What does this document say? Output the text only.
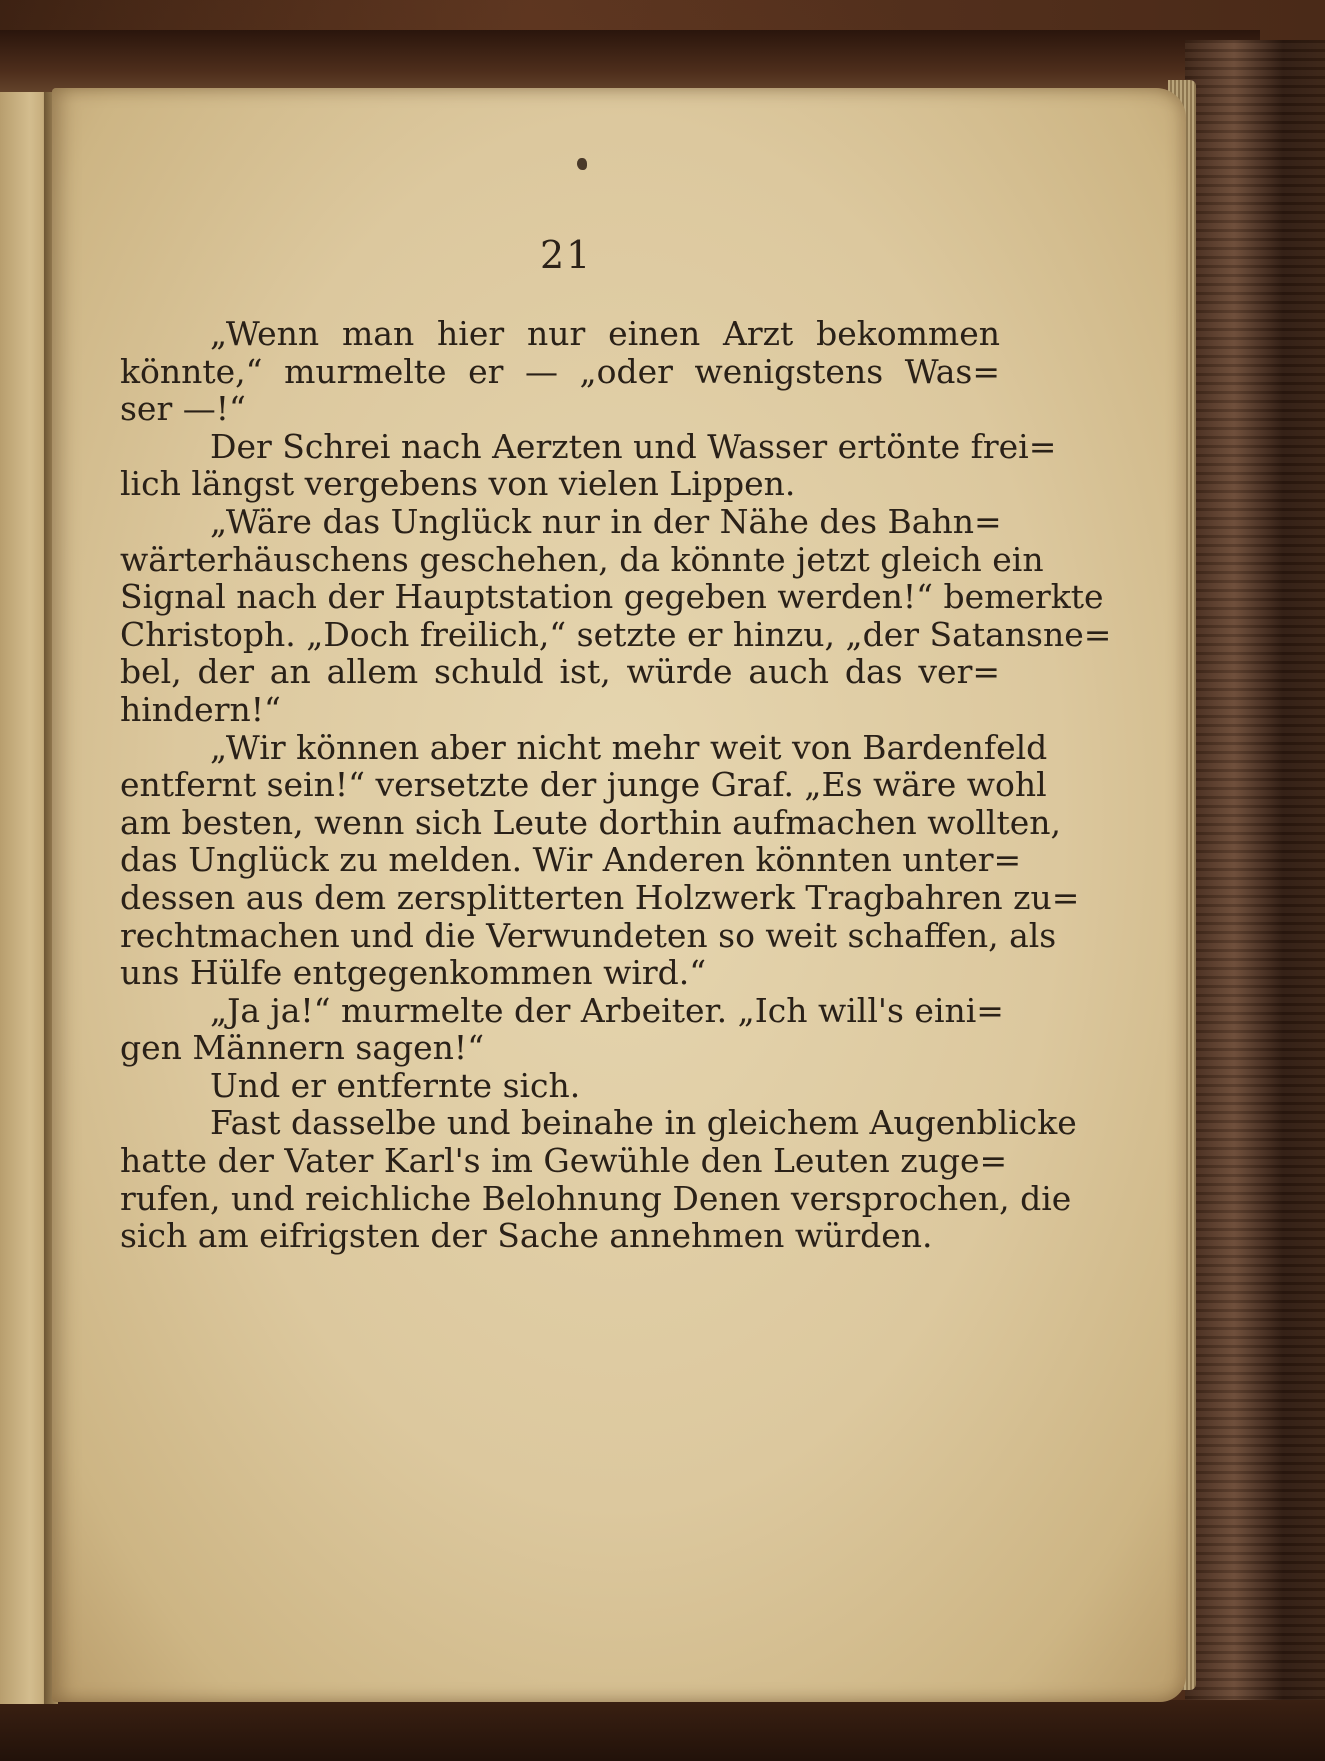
21
„Wenn man hier nur einen Arzt bekommen
könnte,“ murmelte er — „oder wenigstens Was=
ser —!“
Der Schrei nach Aerzten und Wasser ertönte frei=
lich längst vergebens von vielen Lippen.
„Wäre das Unglück nur in der Nähe des Bahn=
wärterhäuschens geschehen, da könnte jetzt gleich ein
Signal nach der Hauptstation gegeben werden!“ bemerkte
Christoph. „Doch freilich,“ setzte er hinzu, „der Satansne=
bel, der an allem schuld ist, würde auch das ver=
hindern!“
„Wir können aber nicht mehr weit von Bardenfeld
entfernt sein!“ versetzte der junge Graf. „Es wäre wohl
am besten, wenn sich Leute dorthin aufmachen wollten,
das Unglück zu melden. Wir Anderen könnten unter=
dessen aus dem zersplitterten Holzwerk Tragbahren zu=
rechtmachen und die Verwundeten so weit schaffen, als
uns Hülfe entgegenkommen wird.“
„Ja ja!“ murmelte der Arbeiter. „Ich will's eini=
gen Männern sagen!“
Und er entfernte sich.
Fast dasselbe und beinahe in gleichem Augenblicke
hatte der Vater Karl's im Gewühle den Leuten zuge=
rufen, und reichliche Belohnung Denen versprochen, die
sich am eifrigsten der Sache annehmen würden.
